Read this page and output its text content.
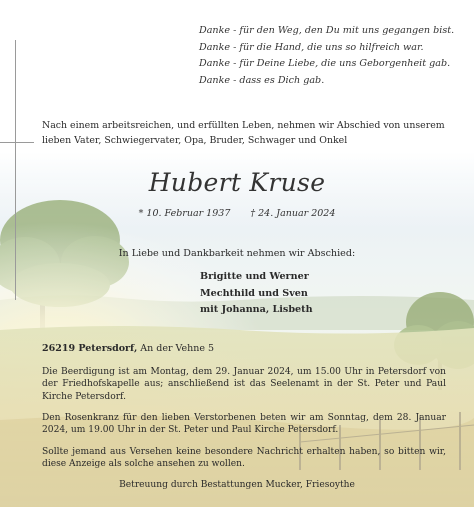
Danke - für den Weg, den Du mit uns gegangen bist.
Danke - für die Hand, die uns so hilfreich war.
Danke - für Deine Liebe, die uns Geborgenheit gab.
Danke - dass es Dich gab.
Nach einem arbeitsreichen, und erfüllten Leben, nehmen wir Abschied von unserem
lieben Vater, Schwiegervater, Opa, Bruder, Schwager und Onkel
Hubert Kruse
* 10. Februar 1937 † 24. Januar 2024
In Liebe und Dankbarkeit nehmen wir Abschied:
Brigitte und Werner
Mechthild und Sven
mit Johanna, Lisbeth
26219 Petersdorf, An der Vehne 5
Die Beerdigung ist am Montag, dem 29. Januar 2024, um 15.00 Uhr in Petersdorf von der Friedhofskapelle aus; anschließend ist das Seelenamt in der St. Peter und Paul Kirche Petersdorf.
Den Rosenkranz für den lieben Verstorbenen beten wir am Sonntag, dem 28. Januar 2024, um 19.00 Uhr in der St. Peter und Paul Kirche Petersdorf.
Sollte jemand aus Versehen keine besondere Nachricht erhalten haben, so bitten wir, diese Anzeige als solche ansehen zu wollen.
Betreuung durch Bestattungen Mucker, Friesoythe
